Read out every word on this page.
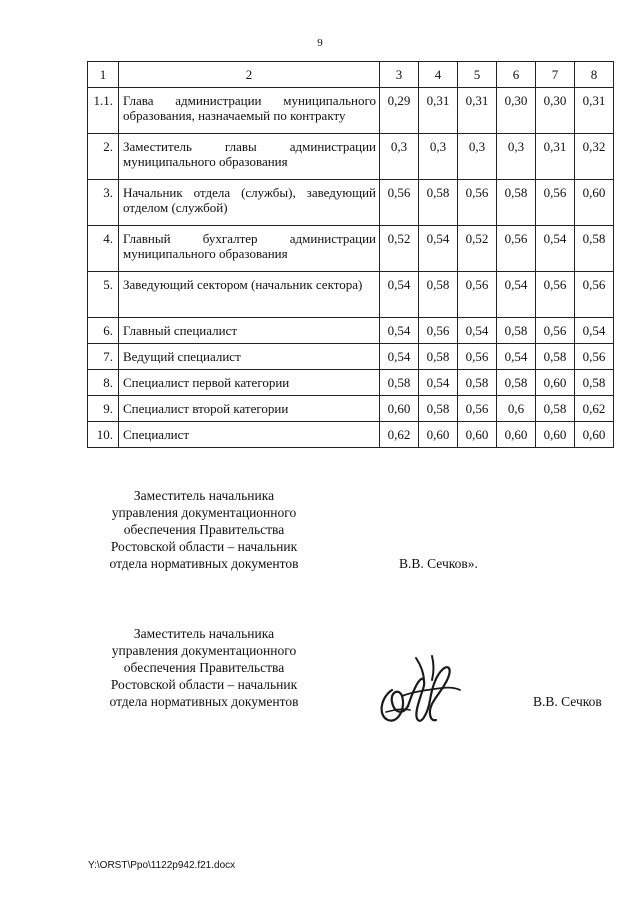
9
1	2	3	4	5	6	7	8
1.1.	Глава администрации муниципального образования, назначаемый по контракту	0,29	0,31	0,31	0,30	0,30	0,31
2.	Заместитель главы администрации муниципального образования	0,3	0,3	0,3	0,3	0,31	0,32
3.	Начальник отдела (службы), заведующий отделом (службой)	0,56	0,58	0,56	0,58	0,56	0,60
4.	Главный бухгалтер администрации муниципального образования	0,52	0,54	0,52	0,56	0,54	0,58
5.	Заведующий сектором (начальник сектора)	0,54	0,58	0,56	0,54	0,56	0,56
6.	Главный специалист	0,54	0,56	0,54	0,58	0,56	0,54
7.	Ведущий специалист	0,54	0,58	0,56	0,54	0,58	0,56
8.	Специалист первой категории	0,58	0,54	0,58	0,58	0,60	0,58
9.	Специалист второй категории	0,60	0,58	0,56	0,6	0,58	0,62
10.	Специалист	0,62	0,60	0,60	0,60	0,60	0,60
Заместитель начальника
управления документационного
обеспечения Правительства
Ростовской области – начальник
отдела нормативных документов	В.В. Сечков».
Заместитель начальника
управления документационного
обеспечения Правительства
Ростовской области – начальник
отдела нормативных документов	В.В. Сечков
Y:\ORST\Ppo\1122p942.f21.docx
